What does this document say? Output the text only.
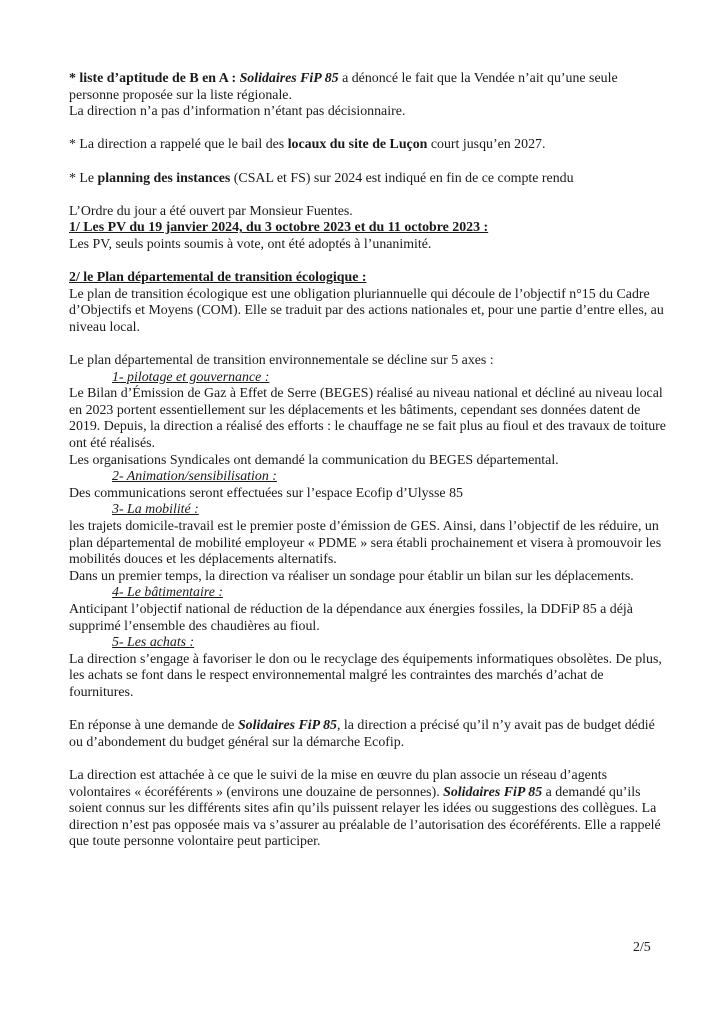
* liste d’aptitude de B en A : Solidaires FiP 85 a dénoncé le fait que la Vendée n’ait qu’une seule personne proposée sur la liste régionale.

La direction n’a pas d’information n’étant pas décisionnaire.

* La direction a rappelé que le bail des locaux du site de Luçon court jusqu’en 2027.

* Le planning des instances (CSAL et FS) sur 2024 est indiqué en fin de ce compte rendu

L’Ordre du jour a été ouvert par Monsieur Fuentes.

1/ Les PV du 19 janvier 2024, du 3 octobre 2023 et du 11 octobre 2023 :

Les PV, seuls points soumis à vote, ont été adoptés à l’unanimité.

2/ le Plan départemental de transition écologique :

Le plan de transition écologique est une obligation pluriannuelle qui découle de l’objectif n°15 du Cadre d’Objectifs et Moyens (COM). Elle se traduit par des actions nationales et, pour une partie d’entre elles, au niveau local.

Le plan départemental de transition environnementale se décline sur 5 axes :

1- pilotage et gouvernance :

Le Bilan d’Émission de Gaz à Effet de Serre (BEGES) réalisé au niveau national et décliné au niveau local en 2023 portent essentiellement sur les déplacements et les bâtiments, cependant ses données datent de 2019. Depuis, la direction a réalisé des efforts : le chauffage ne se fait plus au fioul et des travaux de toiture ont été réalisés.

Les organisations Syndicales ont demandé la communication du BEGES départemental.

2- Animation/sensibilisation :

Des communications seront effectuées sur l’espace Ecofip d’Ulysse 85

3- La mobilité :

les trajets domicile-travail est le premier poste d’émission de GES. Ainsi, dans l’objectif de les réduire, un plan départemental de mobilité employeur « PDME » sera établi prochainement et visera à promouvoir les mobilités douces et les déplacements alternatifs.

Dans un premier temps, la direction va réaliser un sondage pour établir un bilan sur les déplacements.

4- Le bâtimentaire :

Anticipant l’objectif national de réduction de la dépendance aux énergies fossiles, la DDFiP 85 a déjà supprimé l’ensemble des chaudières au fioul.

5- Les achats :

La direction s’engage à favoriser le don ou le recyclage des équipements informatiques obsolètes. De plus, les achats se font dans le respect environnemental malgré les contraintes des marchés d’achat de fournitures.

En réponse à une demande de Solidaires FiP 85, la direction a précisé qu’il n’y avait pas de budget dédié ou d’abondement du budget général sur la démarche Ecofip.

La direction est attachée à ce que le suivi de la mise en œuvre du plan associe un réseau d’agents volontaires « écoréférents » (environs une douzaine de personnes). Solidaires FiP 85 a demandé qu’ils soient connus sur les différents sites afin qu’ils puissent relayer les idées ou suggestions des collègues. La direction n’est pas opposée mais va s’assurer au préalable de l’autorisation des écoréférents. Elle a rappelé que toute personne volontaire peut participer.

2/5
